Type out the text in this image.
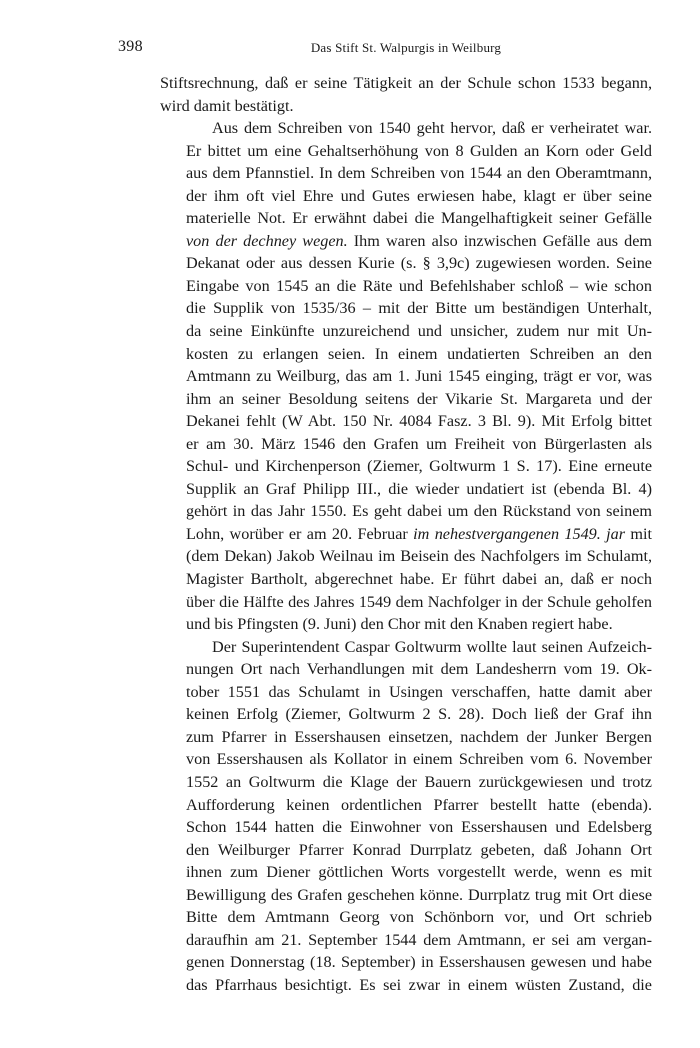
398	Das Stift St. Walpurgis in Weilburg
Stiftsrechnung, daß er seine Tätigkeit an der Schule schon 1533 begann,
wird damit bestätigt.
Aus dem Schreiben von 1540 geht hervor, daß er verheiratet war.
Er bittet um eine Gehaltserhöhung von 8 Gulden an Korn oder Geld
aus dem Pfannstiel. In dem Schreiben von 1544 an den Oberamtmann,
der ihm oft viel Ehre und Gutes erwiesen habe, klagt er über seine
materielle Not. Er erwähnt dabei die Mangelhaftigkeit seiner Gefälle
von der dechney wegen. Ihm waren also inzwischen Gefälle aus dem
Dekanat oder aus dessen Kurie (s. § 3,9c) zugewiesen worden. Seine
Eingabe von 1545 an die Räte und Befehlshaber schloß – wie schon
die Supplik von 1535/36 – mit der Bitte um beständigen Unterhalt,
da seine Einkünfte unzureichend und unsicher, zudem nur mit Un-
kosten zu erlangen seien. In einem undatierten Schreiben an den
Amtmann zu Weilburg, das am 1. Juni 1545 einging, trägt er vor, was
ihm an seiner Besoldung seitens der Vikarie St. Margareta und der
Dekanei fehlt (W Abt. 150 Nr. 4084 Fasz. 3 Bl. 9). Mit Erfolg bittet
er am 30. März 1546 den Grafen um Freiheit von Bürgerlasten als
Schul- und Kirchenperson (Ziemer, Goltwurm 1 S. 17). Eine erneute
Supplik an Graf Philipp III., die wieder undatiert ist (ebenda Bl. 4)
gehört in das Jahr 1550. Es geht dabei um den Rückstand von seinem
Lohn, worüber er am 20. Februar im nehestvergangenen 1549. jar mit
(dem Dekan) Jakob Weilnau im Beisein des Nachfolgers im Schulamt,
Magister Bartholt, abgerechnet habe. Er führt dabei an, daß er noch
über die Hälfte des Jahres 1549 dem Nachfolger in der Schule geholfen
und bis Pfingsten (9. Juni) den Chor mit den Knaben regiert habe.
Der Superintendent Caspar Goltwurm wollte laut seinen Aufzeich-
nungen Ort nach Verhandlungen mit dem Landesherrn vom 19. Ok-
tober 1551 das Schulamt in Usingen verschaffen, hatte damit aber
keinen Erfolg (Ziemer, Goltwurm 2 S. 28). Doch ließ der Graf ihn
zum Pfarrer in Essershausen einsetzen, nachdem der Junker Bergen
von Essershausen als Kollator in einem Schreiben vom 6. November
1552 an Goltwurm die Klage der Bauern zurückgewiesen und trotz
Aufforderung keinen ordentlichen Pfarrer bestellt hatte (ebenda).
Schon 1544 hatten die Einwohner von Essershausen und Edelsberg
den Weilburger Pfarrer Konrad Durrplatz gebeten, daß Johann Ort
ihnen zum Diener göttlichen Worts vorgestellt werde, wenn es mit
Bewilligung des Grafen geschehen könne. Durrplatz trug mit Ort diese
Bitte dem Amtmann Georg von Schönborn vor, und Ort schrieb
daraufhin am 21. September 1544 dem Amtmann, er sei am vergan-
genen Donnerstag (18. September) in Essershausen gewesen und habe
das Pfarrhaus besichtigt. Es sei zwar in einem wüsten Zustand, die
